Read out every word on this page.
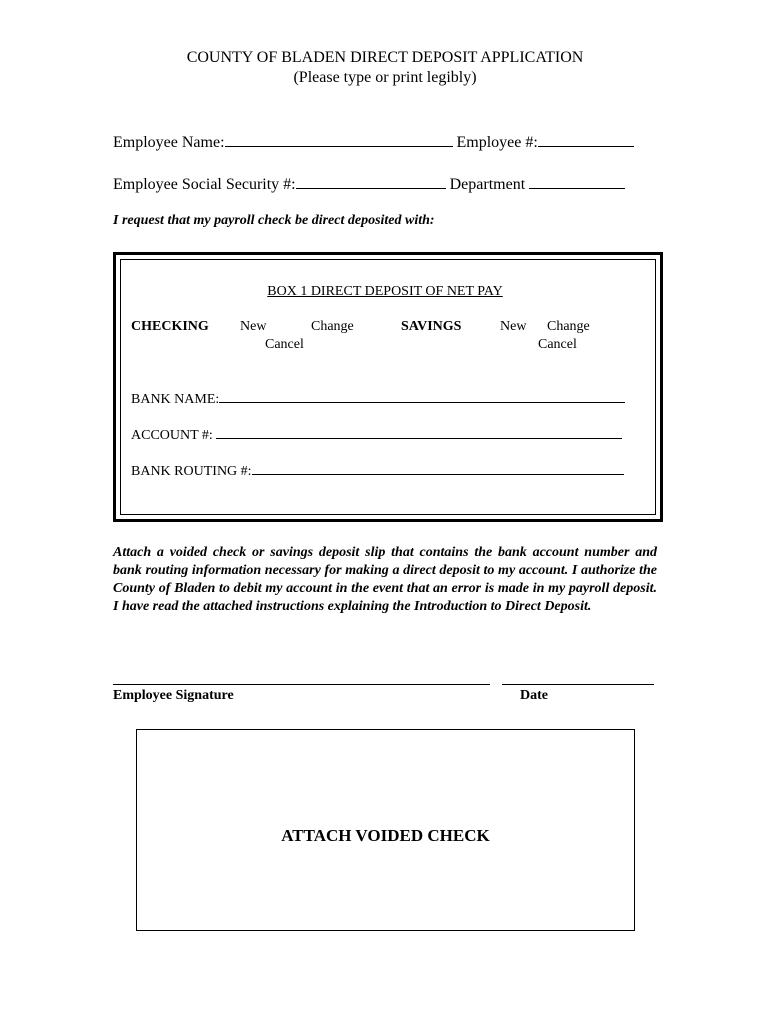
COUNTY OF BLADEN DIRECT DEPOSIT APPLICATION
(Please type or print legibly)
Employee Name:	Employee #:
Employee Social Security #:	Department
I request that my payroll check be direct deposited with:
BOX 1 DIRECT DEPOSIT OF NET PAY
CHECKING New	Change
Cancel
SAVINGS	New Change
Cancel
BANK NAME:
ACCOUNT #:
BANK ROUTING #:
Attach a voided check or savings deposit slip that contains the bank account number and bank routing information necessary for making a direct deposit to my account. I authorize the County of Bladen to debit my account in the event that an error is made in my payroll deposit. I have read the attached instructions explaining the Introduction to Direct Deposit.
Employee Signature	Date
ATTACH VOIDED CHECK
